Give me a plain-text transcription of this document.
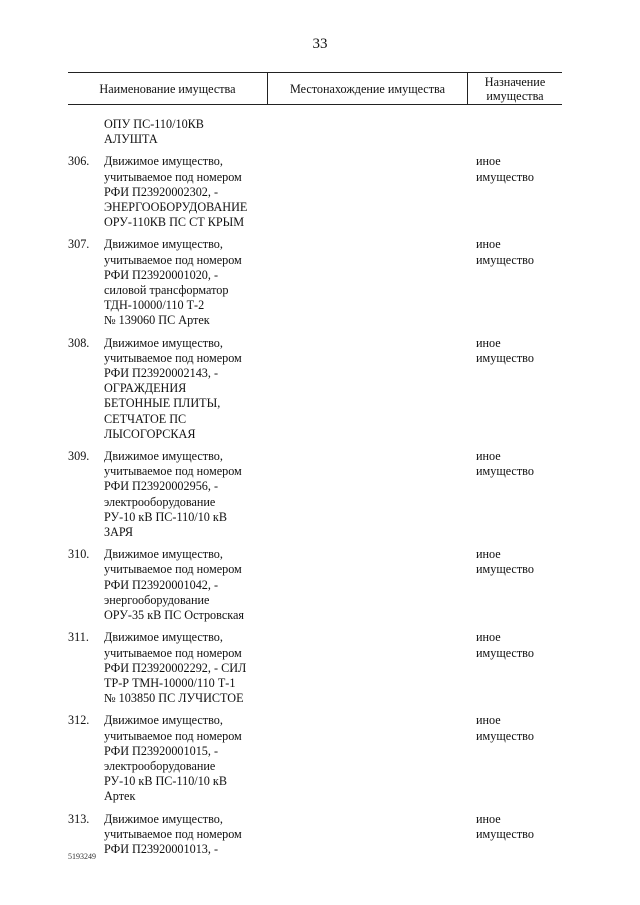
33
Наименование имущества	Местонахождение имущества	Назначение
имущества
ОПУ ПС-110/10КВ
АЛУШТА
306.	Движимое имущество,
учитываемое под номером
РФИ П23920002302, -
ЭНЕРГООБОРУДОВАНИЕ
ОРУ-110КВ ПС СТ КРЫМ
иное
имущество
307.	Движимое имущество,
учитываемое под номером
РФИ П23920001020, -
силовой трансформатор
ТДН-10000/110 Т-2
№ 139060 ПС Артек
иное
имущество
308.	Движимое имущество,
учитываемое под номером
РФИ П23920002143, -
ОГРАЖДЕНИЯ
БЕТОННЫЕ ПЛИТЫ,
СЕТЧАТОЕ ПС
ЛЫСОГОРСКАЯ
иное
имущество
309.	Движимое имущество,
учитываемое под номером
РФИ П23920002956, -
электрооборудование
РУ-10 кВ ПС-110/10 кВ
ЗАРЯ
иное
имущество
310.	Движимое имущество,
учитываемое под номером
РФИ П23920001042, -
энергооборудование
ОРУ-35 кВ ПС Островская
иное
имущество
311.	Движимое имущество,
учитываемое под номером
РФИ П23920002292, - СИЛ
ТР-Р ТМН-10000/110 Т-1
№ 103850 ПС ЛУЧИСТОЕ
иное
имущество
312.	Движимое имущество,
учитываемое под номером
РФИ П23920001015, -
электрооборудование
РУ-10 кВ ПС-110/10 кВ
Артек
иное
имущество
313.	Движимое имущество,
учитываемое под номером
РФИ П23920001013, -
иное
имущество
5193249
